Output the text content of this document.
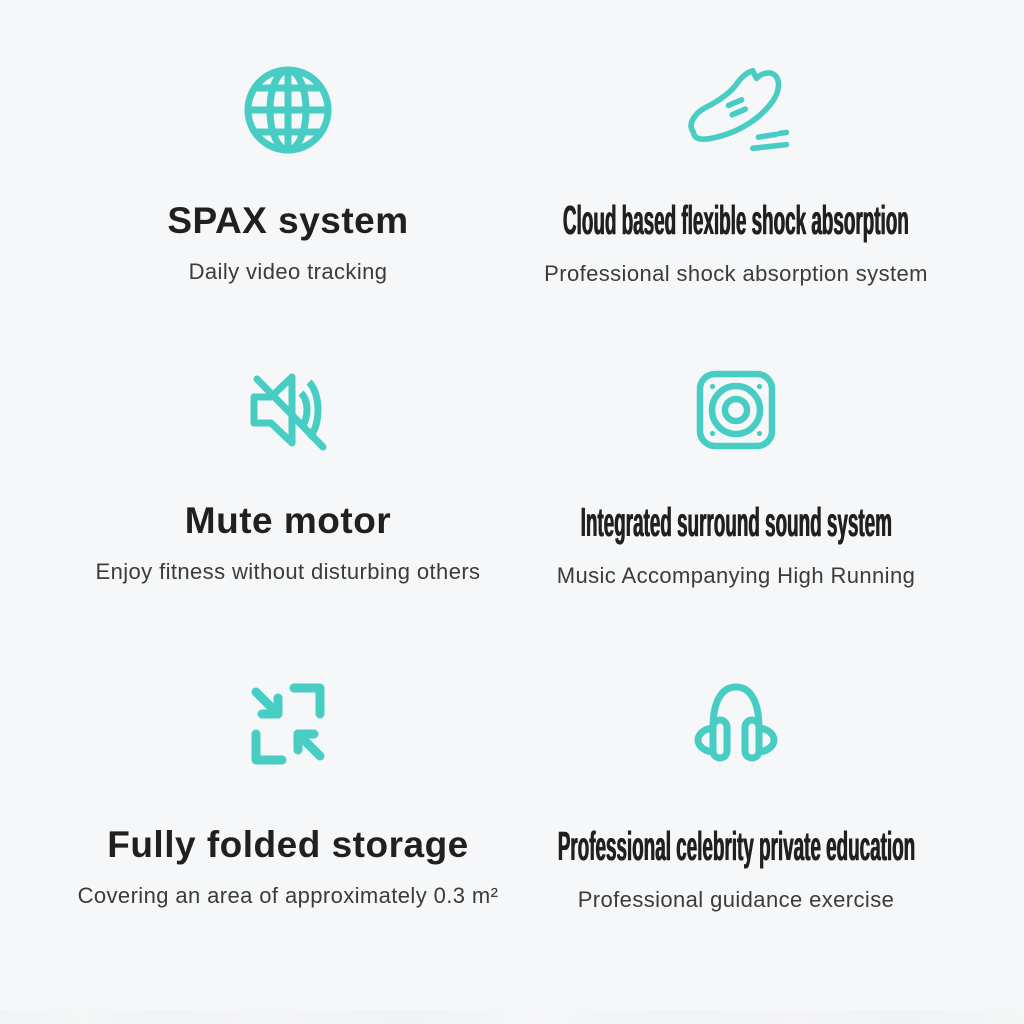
SPAX system
Daily video tracking
Cloud based flexible shock absorption
Professional shock absorption system
Mute motor
Enjoy fitness without disturbing others
Integrated surround sound system
Music Accompanying High Running
Fully folded storage
Covering an area of approximately 0.3 m²
Professional celebrity private education
Professional guidance exercise
